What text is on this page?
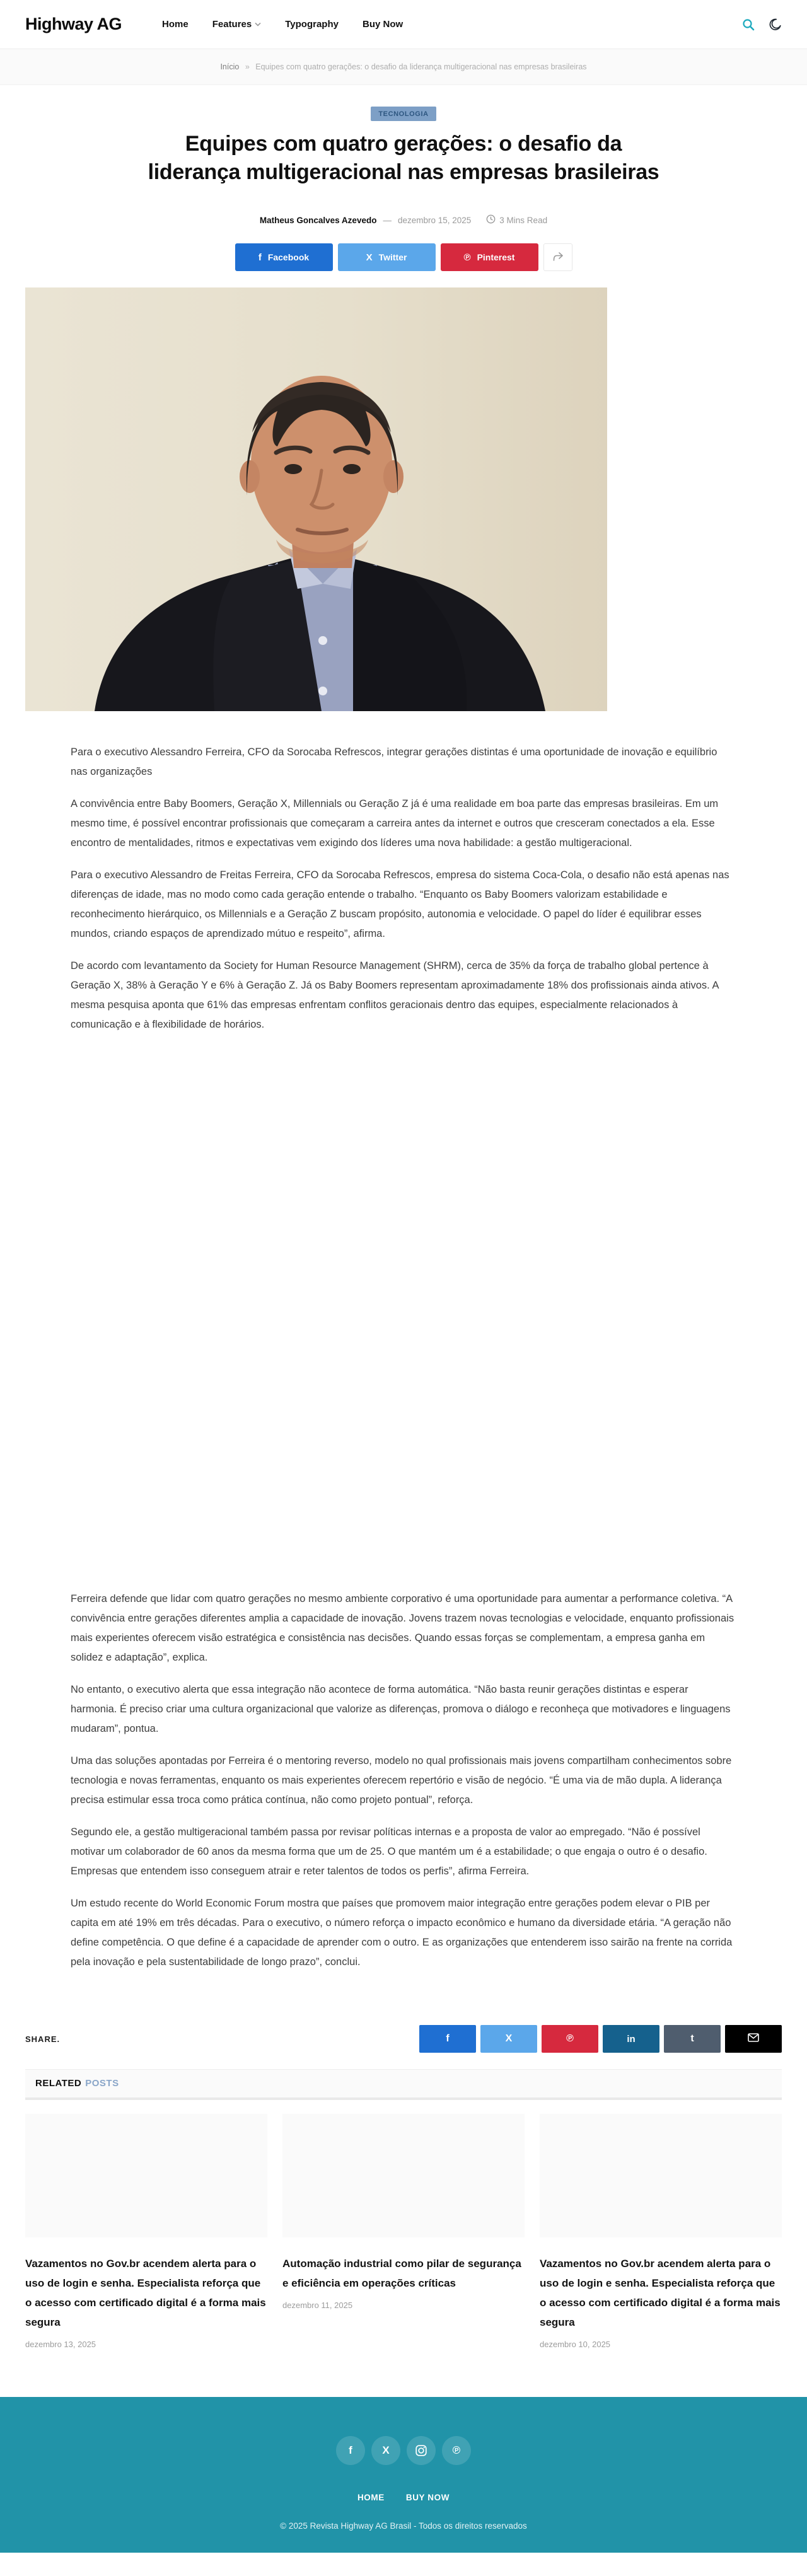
Highway AG	Home	Features	Typography	Buy Now
Início » Equipes com quatro gerações: o desafio da liderança multigeracional nas empresas brasileiras
TECNOLOGIA
Equipes com quatro gerações: o desafio da liderança multigeracional nas empresas brasileiras
Matheus Goncalves Azevedo — dezembro 15, 2025	3 Mins Read
f Facebook	X Twitter	℗ Pinterest

Para o executivo Alessandro Ferreira, CFO da Sorocaba Refrescos, integrar gerações distintas é uma oportunidade de inovação e equilíbrio nas organizações

A convivência entre Baby Boomers, Geração X, Millennials ou Geração Z já é uma realidade em boa parte das empresas brasileiras. Em um mesmo time, é possível encontrar profissionais que começaram a carreira antes da internet e outros que cresceram conectados a ela. Esse encontro de mentalidades, ritmos e expectativas vem exigindo dos líderes uma nova habilidade: a gestão multigeracional.

Para o executivo Alessandro de Freitas Ferreira, CFO da Sorocaba Refrescos, empresa do sistema Coca-Cola, o desafio não está apenas nas diferenças de idade, mas no modo como cada geração entende o trabalho. “Enquanto os Baby Boomers valorizam estabilidade e reconhecimento hierárquico, os Millennials e a Geração Z buscam propósito, autonomia e velocidade. O papel do líder é equilibrar esses mundos, criando espaços de aprendizado mútuo e respeito”, afirma.

De acordo com levantamento da Society for Human Resource Management (SHRM), cerca de 35% da força de trabalho global pertence à Geração X, 38% à Geração Y e 6% à Geração Z. Já os Baby Boomers representam aproximadamente 18% dos profissionais ainda ativos. A mesma pesquisa aponta que 61% das empresas enfrentam conflitos geracionais dentro das equipes, especialmente relacionados à comunicação e à flexibilidade de horários.

Ferreira defende que lidar com quatro gerações no mesmo ambiente corporativo é uma oportunidade para aumentar a performance coletiva. “A convivência entre gerações diferentes amplia a capacidade de inovação. Jovens trazem novas tecnologias e velocidade, enquanto profissionais mais experientes oferecem visão estratégica e consistência nas decisões. Quando essas forças se complementam, a empresa ganha em solidez e adaptação”, explica.

No entanto, o executivo alerta que essa integração não acontece de forma automática. “Não basta reunir gerações distintas e esperar harmonia. É preciso criar uma cultura organizacional que valorize as diferenças, promova o diálogo e reconheça que motivadores e linguagens mudaram”, pontua.

Uma das soluções apontadas por Ferreira é o mentoring reverso, modelo no qual profissionais mais jovens compartilham conhecimentos sobre tecnologia e novas ferramentas, enquanto os mais experientes oferecem repertório e visão de negócio. “É uma via de mão dupla. A liderança precisa estimular essa troca como prática contínua, não como projeto pontual”, reforça.

Segundo ele, a gestão multigeracional também passa por revisar políticas internas e a proposta de valor ao empregado. “Não é possível motivar um colaborador de 60 anos da mesma forma que um de 25. O que mantém um é a estabilidade; o que engaja o outro é o desafio. Empresas que entendem isso conseguem atrair e reter talentos de todos os perfis”, afirma Ferreira.

Um estudo recente do World Economic Forum mostra que países que promovem maior integração entre gerações podem elevar o PIB per capita em até 19% em três décadas. Para o executivo, o número reforça o impacto econômico e humano da diversidade etária. “A geração não define competência. O que define é a capacidade de aprender com o outro. E as organizações que entenderem isso sairão na frente na corrida pela inovação e pela sustentabilidade de longo prazo”, conclui.

SHARE.	f	X	℗	in	t
RELATED POSTS
Vazamentos no Gov.br acendem alerta para o uso de login e senha. Especialista reforça que o acesso com certificado digital é a forma mais segura
dezembro 13, 2025
Automação industrial como pilar de segurança e eficiência em operações críticas
dezembro 11, 2025
Vazamentos no Gov.br acendem alerta para o uso de login e senha. Especialista reforça que o acesso com certificado digital é a forma mais segura
dezembro 10, 2025
f	X	℗
HOME	BUY NOW
© 2025 Revista Highway AG Brasil - Todos os direitos reservados
